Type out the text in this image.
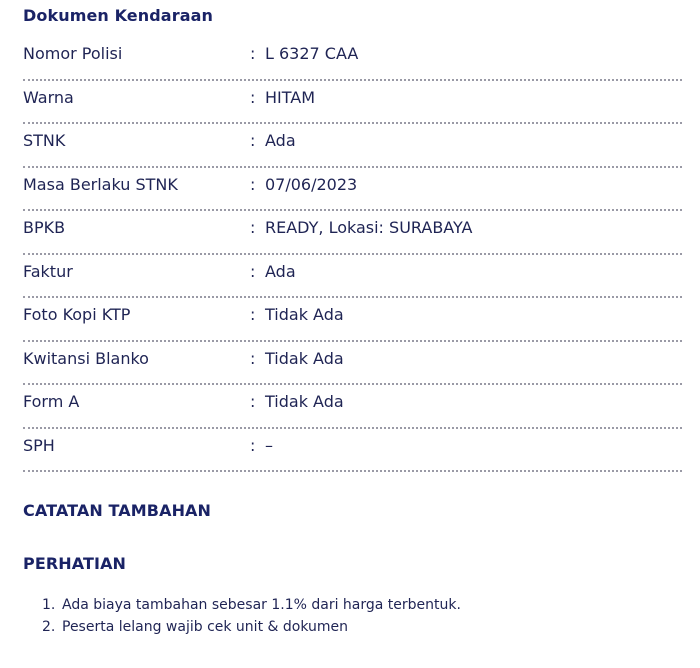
Dokumen Kendaraan
Nomor Polisi	: L 6327 CAA
Warna	: HITAM
STNK	: Ada
Masa Berlaku STNK	: 07/06/2023
BPKB	: READY, Lokasi: SURABAYA
Faktur	: Ada
Foto Kopi KTP	: Tidak Ada
Kwitansi Blanko	: Tidak Ada
Form A	: Tidak Ada
SPH	: –
CATATAN TAMBAHAN
PERHATIAN
1. Ada biaya tambahan sebesar 1.1% dari harga terbentuk.
2. Peserta lelang wajib cek unit & dokumen
